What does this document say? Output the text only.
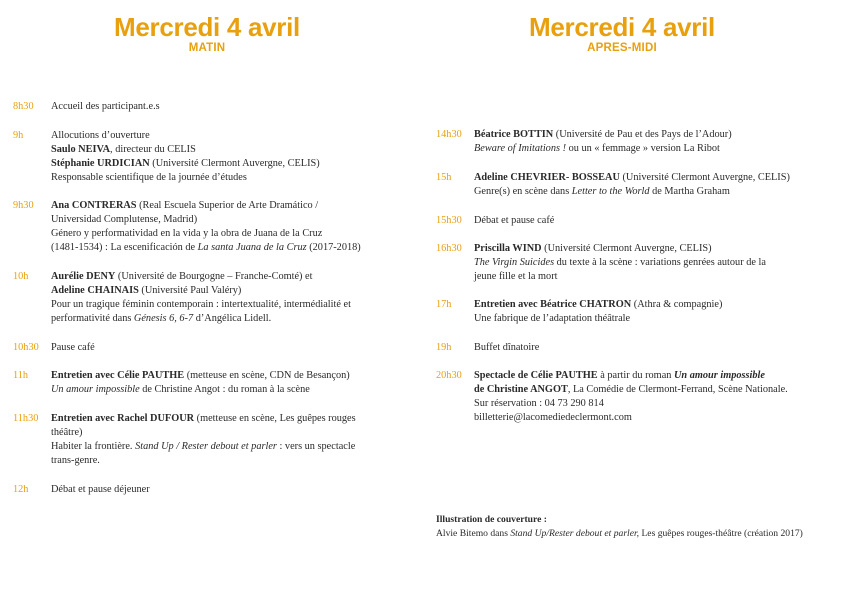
Mercredi 4 avril
MATIN
8h30	Accueil des participant.e.s
9h	Allocutions d’ouverture
Saulo NEIVA, directeur du CELIS
Stéphanie URDICIAN (Université Clermont Auvergne, CELIS)
Responsable scientifique de la journée d’études
9h30	Ana CONTRERAS (Real Escuela Superior de Arte Dramático /
Universidad Complutense, Madrid)
Género y performatividad en la vida y la obra de Juana de la Cruz
(1481-1534) : La escenificación de La santa Juana de la Cruz (2017-2018)
10h	Aurélie DENY (Université de Bourgogne – Franche-Comté) et
Adeline CHAINAIS (Université Paul Valéry)
Pour un tragique féminin contemporain : intertextualité, intermédialité et
performativité dans Génesis 6, 6-7 d’Angélica Lidell.
10h30	Pause café
11h	Entretien avec Célie PAUTHE (metteuse en scène, CDN de Besançon)
Un amour impossible de Christine Angot : du roman à la scène
11h30	Entretien avec Rachel DUFOUR (metteuse en scène, Les guêpes rouges
théâtre)
Habiter la frontière. Stand Up / Rester debout et parler : vers un spectacle
trans-genre.
12h	Débat et pause déjeuner
Mercredi 4 avril
APRES-MIDI
14h30	Béatrice BOTTIN (Université de Pau et des Pays de l’Adour)
Beware of Imitations ! ou un « femmage » version La Ribot
15h	Adeline CHEVRIER- BOSSEAU (Université Clermont Auvergne, CELIS)
Genre(s) en scène dans Letter to the World de Martha Graham
15h30	Débat et pause café
16h30	Priscilla WIND (Université Clermont Auvergne, CELIS)
The Virgin Suicides du texte à la scène : variations genrées autour de la
jeune fille et la mort
17h	Entretien avec Béatrice CHATRON (Athra & compagnie)
Une fabrique de l’adaptation théâtrale
19h	Buffet dînatoire
20h30	Spectacle de Célie PAUTHE à partir du roman Un amour impossible
de Christine ANGOT, La Comédie de Clermont-Ferrand, Scène Nationale.
Sur réservation : 04 73 290 814
billetterie@lacomediedeclermont.com
Illustration de couverture :
Alvie Bitemo dans Stand Up/Rester debout et parler, Les guêpes rouges-théâtre (création 2017)
